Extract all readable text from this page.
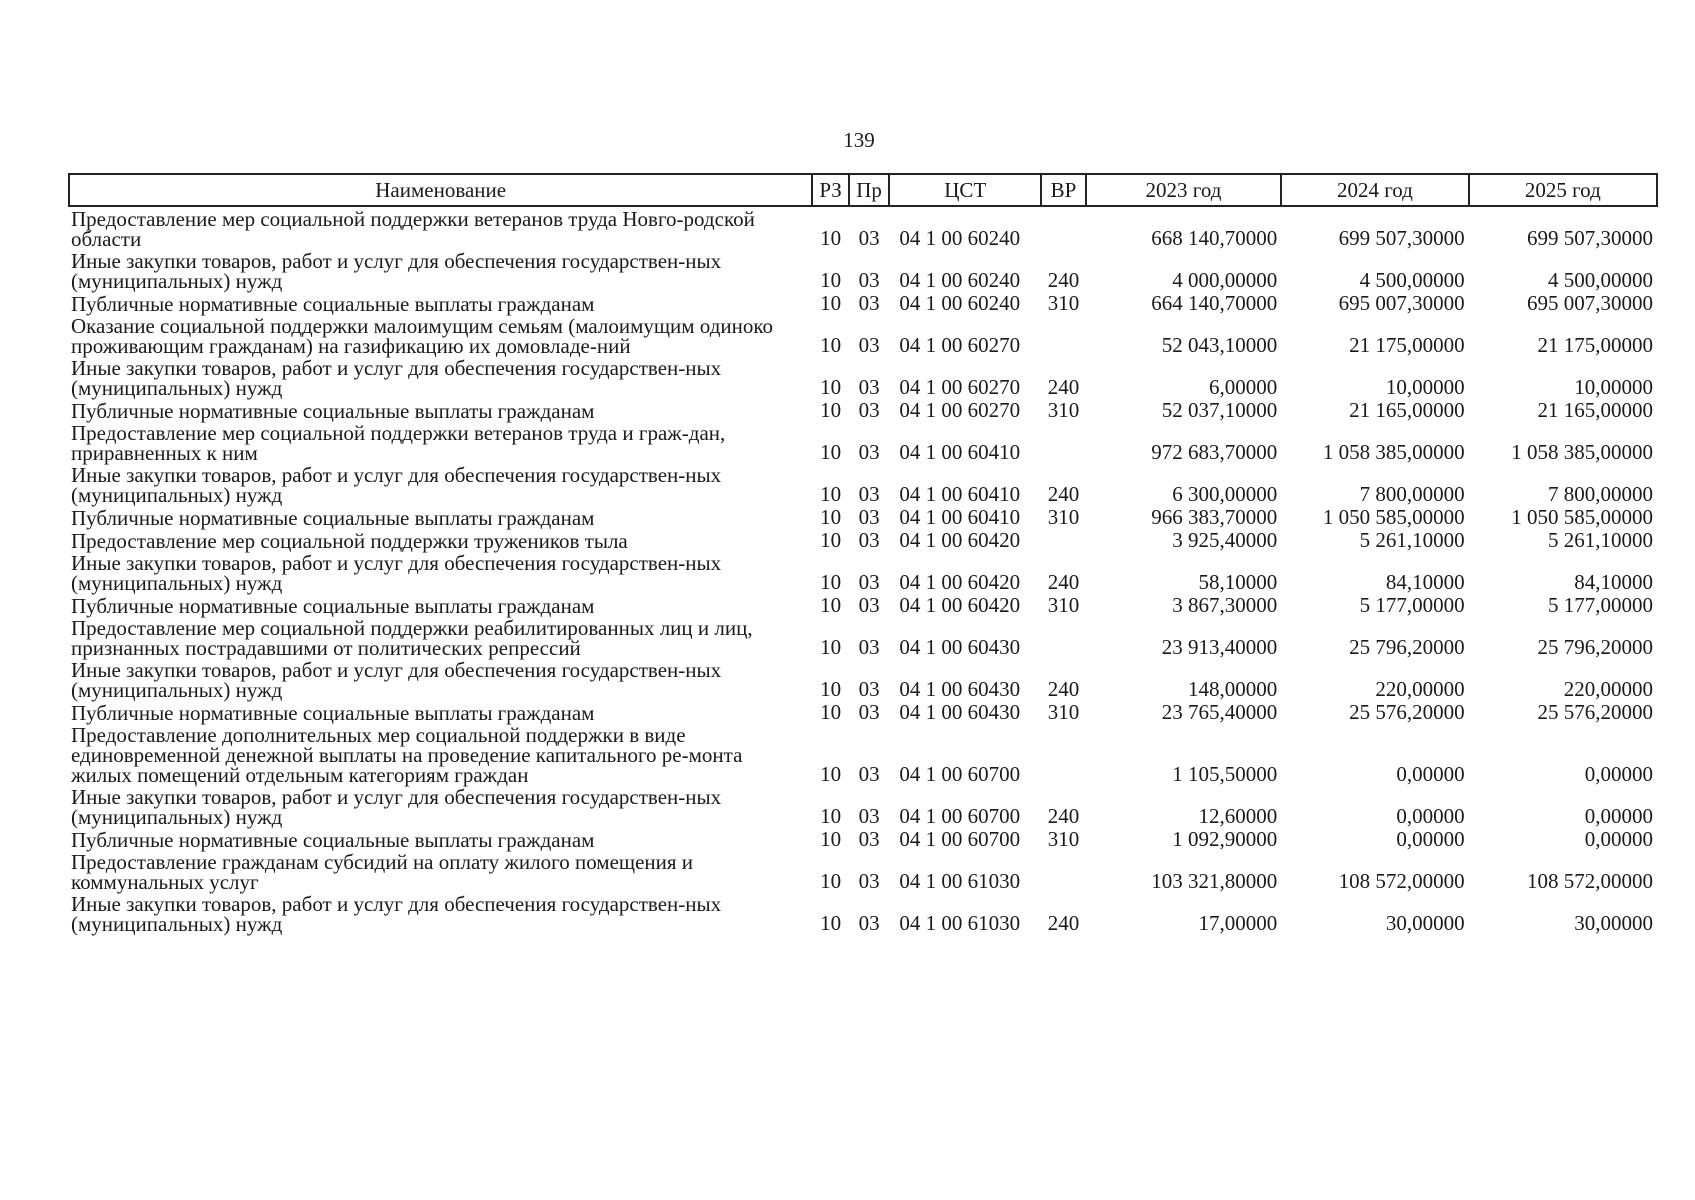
139
Наименование	РЗ	Пр	ЦСТ	ВР	2023 год	2024 год	2025 год
Предоставление мер социальной поддержки ветеранов труда Новго-родской области	10	03	04 1 00 60240		668 140,70000	699 507,30000	699 507,30000
Иные закупки товаров, работ и услуг для обеспечения государствен-ных (муниципальных) нужд	10	03	04 1 00 60240	240	4 000,00000	4 500,00000	4 500,00000
Публичные нормативные социальные выплаты гражданам	10	03	04 1 00 60240	310	664 140,70000	695 007,30000	695 007,30000
Оказание социальной поддержки малоимущим семьям (малоимущим одиноко проживающим гражданам) на газификацию их домовладе-ний	10	03	04 1 00 60270		52 043,10000	21 175,00000	21 175,00000
Иные закупки товаров, работ и услуг для обеспечения государствен-ных (муниципальных) нужд	10	03	04 1 00 60270	240	6,00000	10,00000	10,00000
Публичные нормативные социальные выплаты гражданам	10	03	04 1 00 60270	310	52 037,10000	21 165,00000	21 165,00000
Предоставление мер социальной поддержки ветеранов труда и граж-дан, приравненных к ним	10	03	04 1 00 60410		972 683,70000	1 058 385,00000	1 058 385,00000
Иные закупки товаров, работ и услуг для обеспечения государствен-ных (муниципальных) нужд	10	03	04 1 00 60410	240	6 300,00000	7 800,00000	7 800,00000
Публичные нормативные социальные выплаты гражданам	10	03	04 1 00 60410	310	966 383,70000	1 050 585,00000	1 050 585,00000
Предоставление мер социальной поддержки тружеников тыла	10	03	04 1 00 60420		3 925,40000	5 261,10000	5 261,10000
Иные закупки товаров, работ и услуг для обеспечения государствен-ных (муниципальных) нужд	10	03	04 1 00 60420	240	58,10000	84,10000	84,10000
Публичные нормативные социальные выплаты гражданам	10	03	04 1 00 60420	310	3 867,30000	5 177,00000	5 177,00000
Предоставление мер социальной поддержки реабилитированных лиц и лиц, признанных пострадавшими от политических репрессий	10	03	04 1 00 60430		23 913,40000	25 796,20000	25 796,20000
Иные закупки товаров, работ и услуг для обеспечения государствен-ных (муниципальных) нужд	10	03	04 1 00 60430	240	148,00000	220,00000	220,00000
Публичные нормативные социальные выплаты гражданам	10	03	04 1 00 60430	310	23 765,40000	25 576,20000	25 576,20000
Предоставление дополнительных мер социальной поддержки в виде единовременной денежной выплаты на проведение капитального ре-монта жилых помещений отдельным категориям граждан	10	03	04 1 00 60700		1 105,50000	0,00000	0,00000
Иные закупки товаров, работ и услуг для обеспечения государствен-ных (муниципальных) нужд	10	03	04 1 00 60700	240	12,60000	0,00000	0,00000
Публичные нормативные социальные выплаты гражданам	10	03	04 1 00 60700	310	1 092,90000	0,00000	0,00000
Предоставление гражданам субсидий на оплату жилого помещения и коммунальных услуг	10	03	04 1 00 61030		103 321,80000	108 572,00000	108 572,00000
Иные закупки товаров, работ и услуг для обеспечения государствен-ных (муниципальных) нужд	10	03	04 1 00 61030	240	17,00000	30,00000	30,00000
